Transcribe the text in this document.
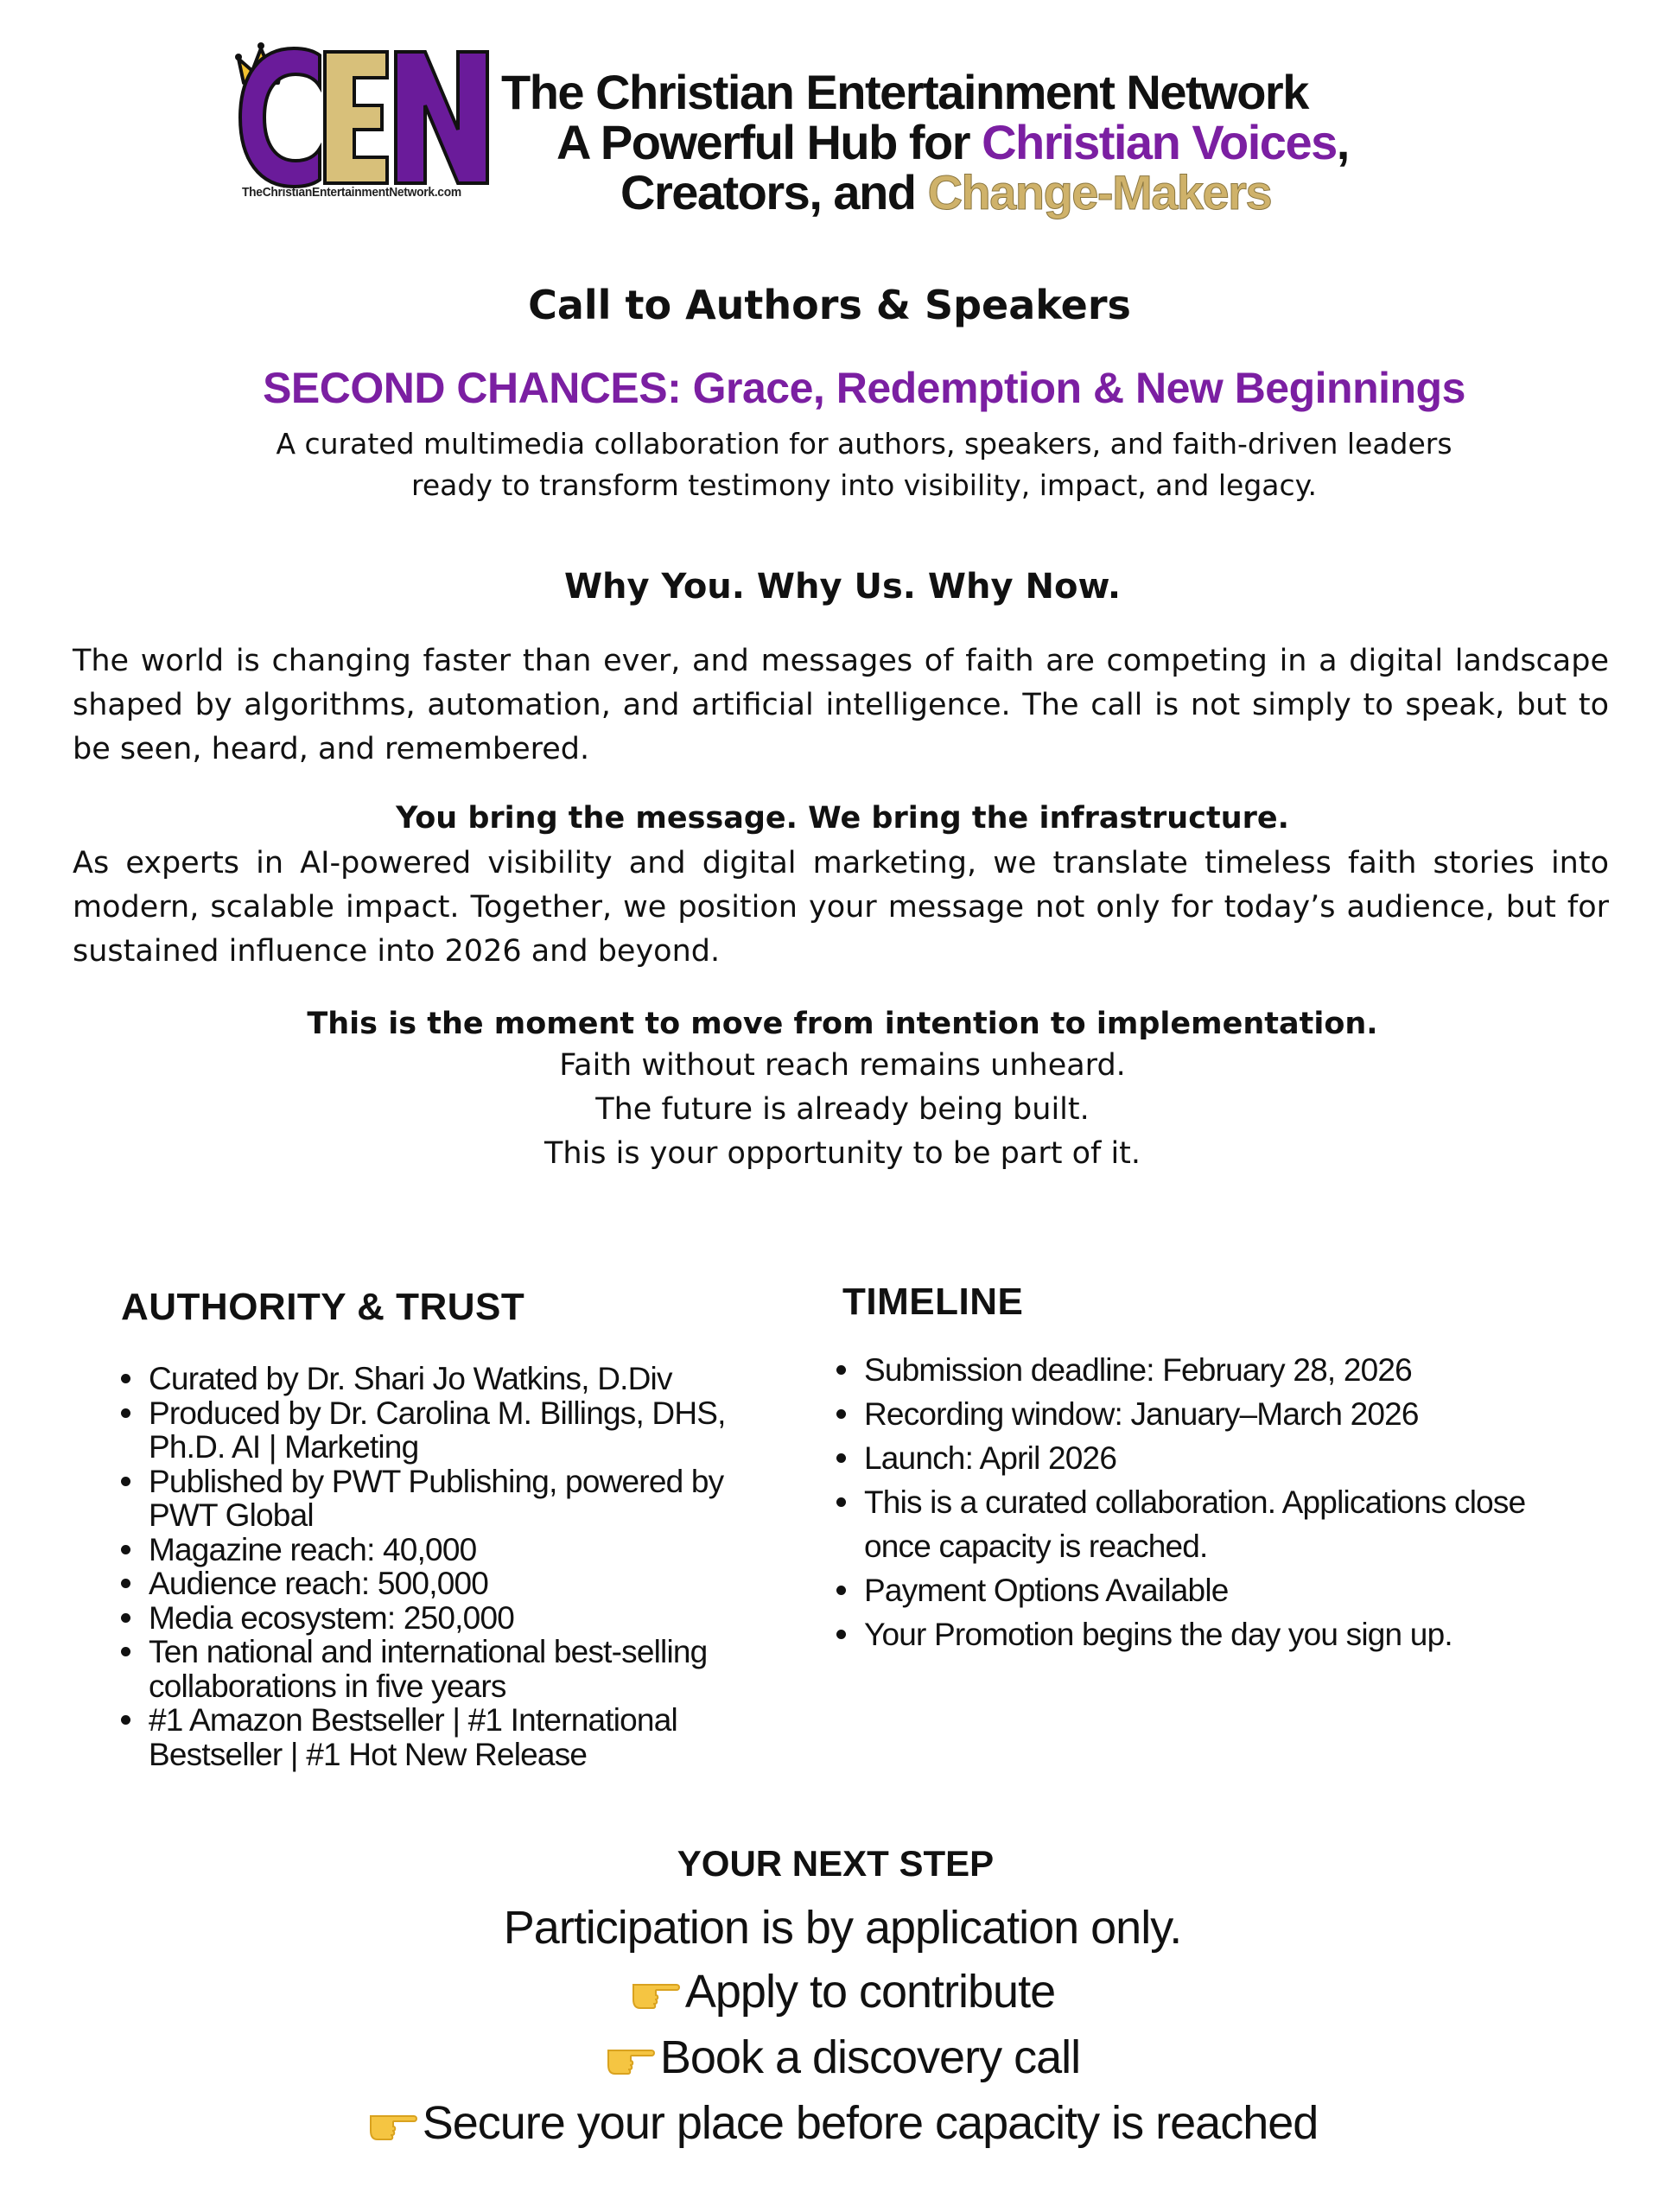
TheChristianEntertainmentNetwork.com
The Christian Entertainment Network
A Powerful Hub for Christian Voices,
Creators, and Change-Makers
Call to Authors & Speakers
SECOND CHANCES: Grace, Redemption & New Beginnings
A curated multimedia collaboration for authors, speakers, and faith-driven leaders
ready to transform testimony into visibility, impact, and legacy.
Why You. Why Us. Why Now.
The world is changing faster than ever, and messages of faith are competing in a digital landscape shaped by algorithms, automation, and artificial intelligence. The call is not simply to speak, but to be seen, heard, and remembered.
You bring the message. We bring the infrastructure.
As experts in AI-powered visibility and digital marketing, we translate timeless faith stories into modern, scalable impact. Together, we position your message not only for today’s audience, but for sustained influence into 2026 and beyond.
This is the moment to move from intention to implementation.
Faith without reach remains unheard.
The future is already being built.
This is your opportunity to be part of it.
AUTHORITY & TRUST
Curated by Dr. Shari Jo Watkins, D.Div
Produced by Dr. Carolina M. Billings, DHS, Ph.D. AI | Marketing
Published by PWT Publishing, powered by PWT Global
Magazine reach: 40,000
Audience reach: 500,000
Media ecosystem: 250,000
Ten national and international best-selling collaborations in five years
#1 Amazon Bestseller | #1 International Bestseller | #1 Hot New Release
TIMELINE
Submission deadline: February 28, 2026
Recording window: January–March 2026
Launch: April 2026
This is a curated collaboration. Applications close once capacity is reached.
Payment Options Available
Your Promotion begins the day you sign up.
YOUR NEXT STEP
Participation is by application only.
Apply to contribute
Book a discovery call
Secure your place before capacity is reached
